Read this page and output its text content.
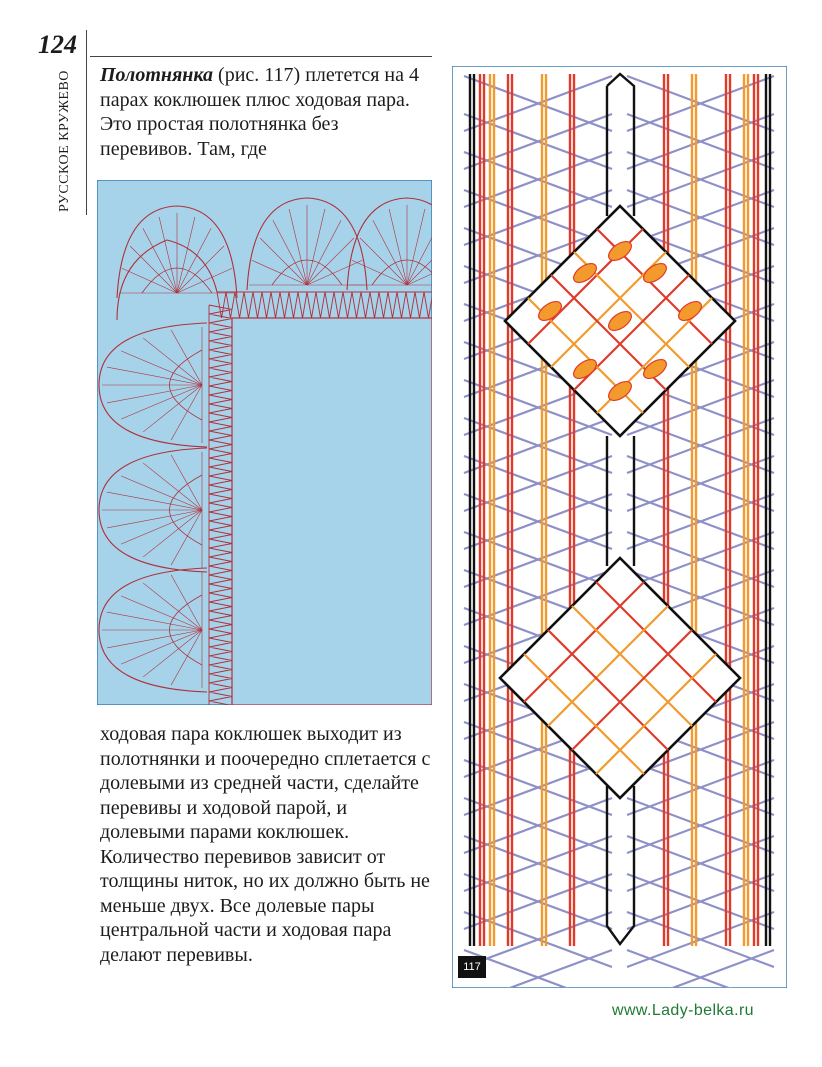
124
РУССКОЕ КРУЖЕВО Полотнянка (рис. 117) плетется на 4 парах коклюшек плюс ходовая пара. Это простая полотнянка без перевивов. Там, где
ходовая пара коклюшек выходит из полотнянки и поочередно сплетается с долевыми из средней части, сделайте перевивы и ходовой парой, и долевыми парами коклюшек. Количество перевивов зависит от толщины ниток, но их должно быть не меньше двух. Все долевые пары центральной части и ходовая пара делают перевивы.
117
www.Lady-belka.ru
